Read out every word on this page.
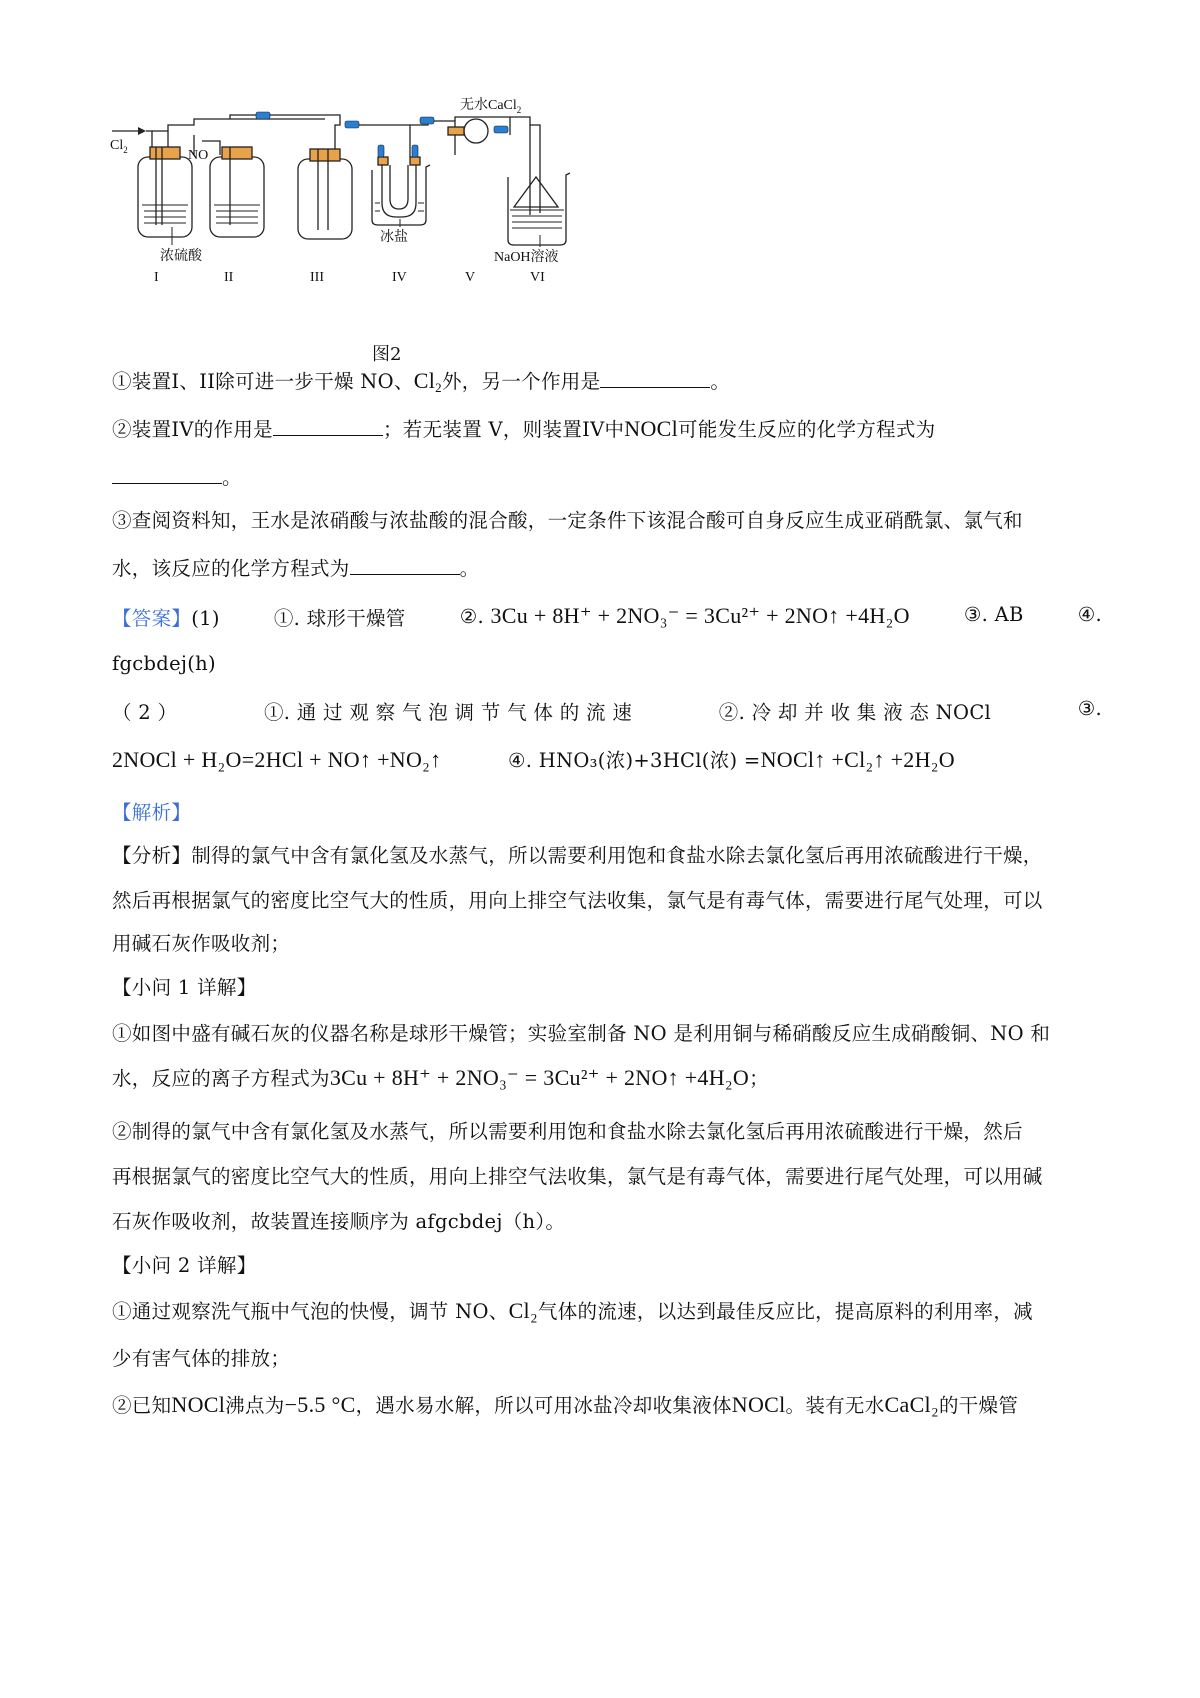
$Cl_2$	NO
无水CaCl$_2$
浓硫酸
冰盐
NaOH溶液
I	II	III	IV	V	VI
图2
①装置I、II除可进一步干燥 NO、$Cl_2$外，另一个作用是	。
②装置IV的作用是	；若无装置 V，则装置IV中NOCl可能发生反应的化学方程式为
。
③查阅资料知，王水是浓硝酸与浓盐酸的混合酸，一定条件下该混合酸可自身反应生成亚硝酰氯、氯气和
水，该反应的化学方程式为	。
【答案】(1)	①. 球形干燥管	②. 3Cu + 8H⁺ + 2NO₃⁻ = 3Cu²⁺ + 2NO↑ +4H₂O	③. AB	④.
fgcbdej(h)
（ 2 ）	①. 通 过 观 察 气 泡 调 节 气 体 的 流 速	②. 冷 却 并 收 集 液 态 NOCl	③.
2NOCl + H₂O=2HCl + NO↑ +NO₂↑	④. HNO₃(浓)+3HCl(浓) =NOCl↑ +Cl₂↑ +2H₂O
【解析】
【分析】制得的氯气中含有氯化氢及水蒸气，所以需要利用饱和食盐水除去氯化氢后再用浓硫酸进行干燥，
然后再根据氯气的密度比空气大的性质，用向上排空气法收集，氯气是有毒气体，需要进行尾气处理，可以
用碱石灰作吸收剂；
【小问 1 详解】
①如图中盛有碱石灰的仪器名称是球形干燥管；实验室制备 NO 是利用铜与稀硝酸反应生成硝酸铜、NO 和
水，反应的离子方程式为3Cu + 8H⁺ + 2NO₃⁻ = 3Cu²⁺ + 2NO↑ +4H₂O；
②制得的氯气中含有氯化氢及水蒸气，所以需要利用饱和食盐水除去氯化氢后再用浓硫酸进行干燥，然后
再根据氯气的密度比空气大的性质，用向上排空气法收集，氯气是有毒气体，需要进行尾气处理，可以用碱
石灰作吸收剂，故装置连接顺序为 afgcbdej（h）。
【小问 2 详解】
①通过观察洗气瓶中气泡的快慢，调节 NO、Cl₂气体的流速，以达到最佳反应比，提高原料的利用率，减
少有害气体的排放；
②已知NOCl沸点为−5.5 °C，遇水易水解，所以可用冰盐冷却收集液体NOCl。装有无水CaCl₂的干燥管
